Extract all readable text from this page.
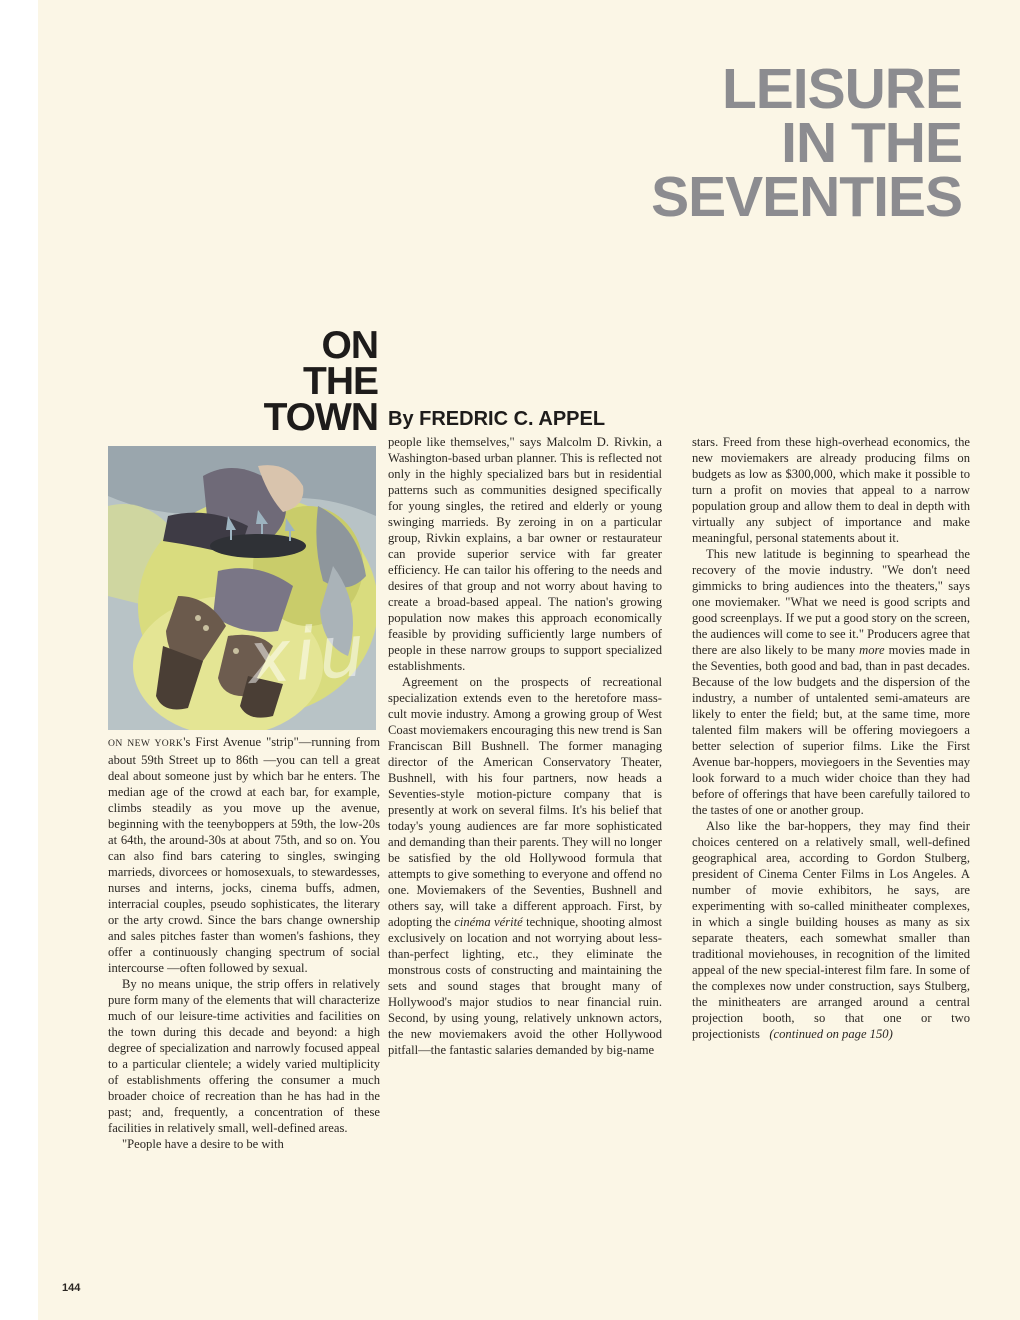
LEISURE
IN THE
SEVENTIES
ON
THE
TOWN By FREDRIC C. APPEL
xiu

ON NEW YORK's First Avenue "strip"—running from about 59th Street up to 86th —you can tell a great deal about someone just by which bar he enters. The median age of the crowd at each bar, for example, climbs steadily as you move up the avenue, beginning with the teenyboppers at 59th, the low-20s at 64th, the around-30s at about 75th, and so on. You can also find bars catering to singles, swinging marrieds, divorcees or homosexuals, to stewardesses, nurses and interns, jocks, cinema buffs, admen, interracial couples, pseudo sophisticates, the literary or the arty crowd. Since the bars change ownership and sales pitches faster than women's fashions, they offer a continuously changing spectrum of social intercourse —often followed by sexual.

By no means unique, the strip offers in relatively pure form many of the elements that will characterize much of our leisure-time activities and facilities on the town during this decade and beyond: a high degree of specialization and narrowly focused appeal to a particular clientele; a widely varied multiplicity of establishments offering the consumer a much broader choice of recreation than he has had in the past; and, frequently, a concentration of these facilities in relatively small, well-defined areas.

"People have a desire to be with

people like themselves," says Malcolm D. Rivkin, a Washington-based urban planner. This is reflected not only in the highly specialized bars but in residential patterns such as communities designed specifically for young singles, the retired and elderly or young swinging marrieds. By zeroing in on a particular group, Rivkin explains, a bar owner or restaurateur can provide superior service with far greater efficiency. He can tailor his offering to the needs and desires of that group and not worry about having to create a broad-based appeal. The nation's growing population now makes this approach economically feasible by providing sufficiently large numbers of people in these narrow groups to support specialized establishments.

Agreement on the prospects of recreational specialization extends even to the heretofore mass-cult movie industry. Among a growing group of West Coast moviemakers encouraging this new trend is San Franciscan Bill Bushnell. The former managing director of the American Conservatory Theater, Bushnell, with his four partners, now heads a Seventies-style motion-picture company that is presently at work on several films. It's his belief that today's young audiences are far more sophisticated and demanding than their parents. They will no longer be satisfied by the old Hollywood formula that attempts to give something to everyone and offend no one. Moviemakers of the Seventies, Bushnell and others say, will take a different approach. First, by adopting the cinéma vérité technique, shooting almost exclusively on location and not worrying about less-than-perfect lighting, etc., they eliminate the monstrous costs of constructing and maintaining the sets and sound stages that brought many of Hollywood's major studios to near financial ruin. Second, by using young, relatively unknown actors, the new moviemakers avoid the other Hollywood pitfall—the fantastic salaries demanded by big-name

stars. Freed from these high-overhead economics, the new moviemakers are already producing films on budgets as low as $300,000, which make it possible to turn a profit on movies that appeal to a narrow population group and allow them to deal in depth with virtually any subject of importance and make meaningful, personal statements about it.

This new latitude is beginning to spearhead the recovery of the movie industry. "We don't need gimmicks to bring audiences into the theaters," says one moviemaker. "What we need is good scripts and good screenplays. If we put a good story on the screen, the audiences will come to see it." Producers agree that there are also likely to be many more movies made in the Seventies, both good and bad, than in past decades. Because of the low budgets and the dispersion of the industry, a number of untalented semi-amateurs are likely to enter the field; but, at the same time, more talented film makers will be offering moviegoers a better selection of superior films. Like the First Avenue bar-hoppers, moviegoers in the Seventies may look forward to a much wider choice than they had before of offerings that have been carefully tailored to the tastes of one or another group.

Also like the bar-hoppers, they may find their choices centered on a relatively small, well-defined geographical area, according to Gordon Stulberg, president of Cinema Center Films in Los Angeles. A number of movie exhibitors, he says, are experimenting with so-called minitheater complexes, in which a single building houses as many as six separate theaters, each somewhat smaller than traditional moviehouses, in recognition of the limited appeal of the new special-interest film fare. In some of the complexes now under construction, says Stulberg, the minitheaters are arranged around a central projection booth, so that one or two projectionists (continued on page 150)

144
